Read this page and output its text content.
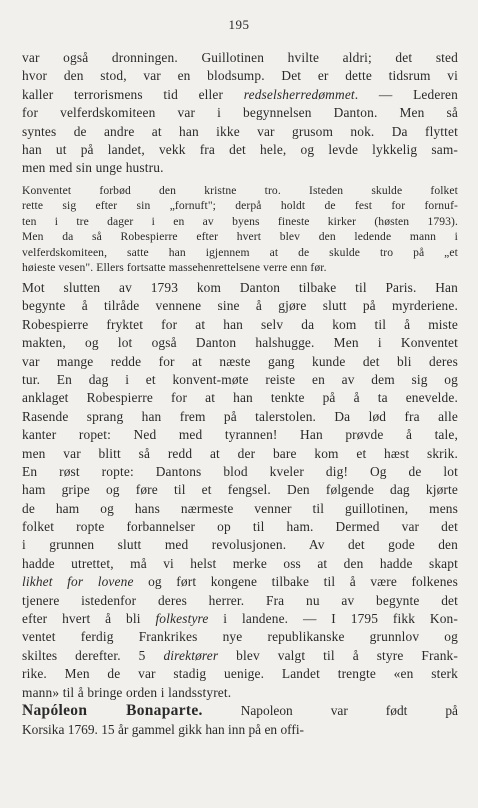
195
var også dronningen. Guillotinen hvilte aldri; det sted
hvor den stod, var en blodsump. Det er dette tidsrum vi
kaller terrorismens tid eller redselsherredømmet. — Lederen
for velferdskomiteen var i begynnelsen Danton. Men så
syntes de andre at han ikke var grusom nok. Da flyttet
han ut på landet, vekk fra det hele, og levde lykkelig sam-
men med sin unge hustru.
Konventet forbød den kristne tro. Isteden skulde folket
rette sig efter sin „fornuft"; derpå holdt de fest for fornuf-
ten i tre dager i en av byens fineste kirker (høsten 1793).
Men da så Robespierre efter hvert blev den ledende mann i
velferdskomiteen, satte han igjennem at de skulde tro på „et
høieste vesen". Ellers fortsatte massehenrettelsene verre enn før.
Mot slutten av 1793 kom Danton tilbake til Paris. Han
begynte å tilråde vennene sine å gjøre slutt på myrderiene.
Robespierre fryktet for at han selv da kom til å miste
makten, og lot også Danton halshugge. Men i Konventet
var mange redde for at næste gang kunde det bli deres
tur. En dag i et konvent-møte reiste en av dem sig og
anklaget Robespierre for at han tenkte på å ta enevelde.
Rasende sprang han frem på talerstolen. Da lød fra alle
kanter ropet: Ned med tyrannen! Han prøvde å tale,
men var blitt så redd at der bare kom et hæst skrik.
En røst ropte: Dantons blod kveler dig! Og de lot
ham gripe og føre til et fengsel. Den følgende dag kjørte
de ham og hans nærmeste venner til guillotinen, mens
folket ropte forbannelser op til ham. Dermed var det
i grunnen slutt med revolusjonen. Av det gode den
hadde utrettet, må vi helst merke oss at den hadde skapt
likhet for lovene og ført kongene tilbake til å være folkenes
tjenere istedenfor deres herrer. Fra nu av begynte det
efter hvert å bli folkestyre i landene. — I 1795 fikk Kon-
ventet ferdig Frankrikes nye republikanske grunnlov og
skiltes derefter. 5 direktører blev valgt til å styre Frank-
rike. Men de var stadig uenige. Landet trengte «en sterk
mann» til å bringe orden i landsstyret.
Napóleon Bonaparte.	Napoleon var født på
Korsika 1769. 15 år gammel gikk han inn på en offi-
